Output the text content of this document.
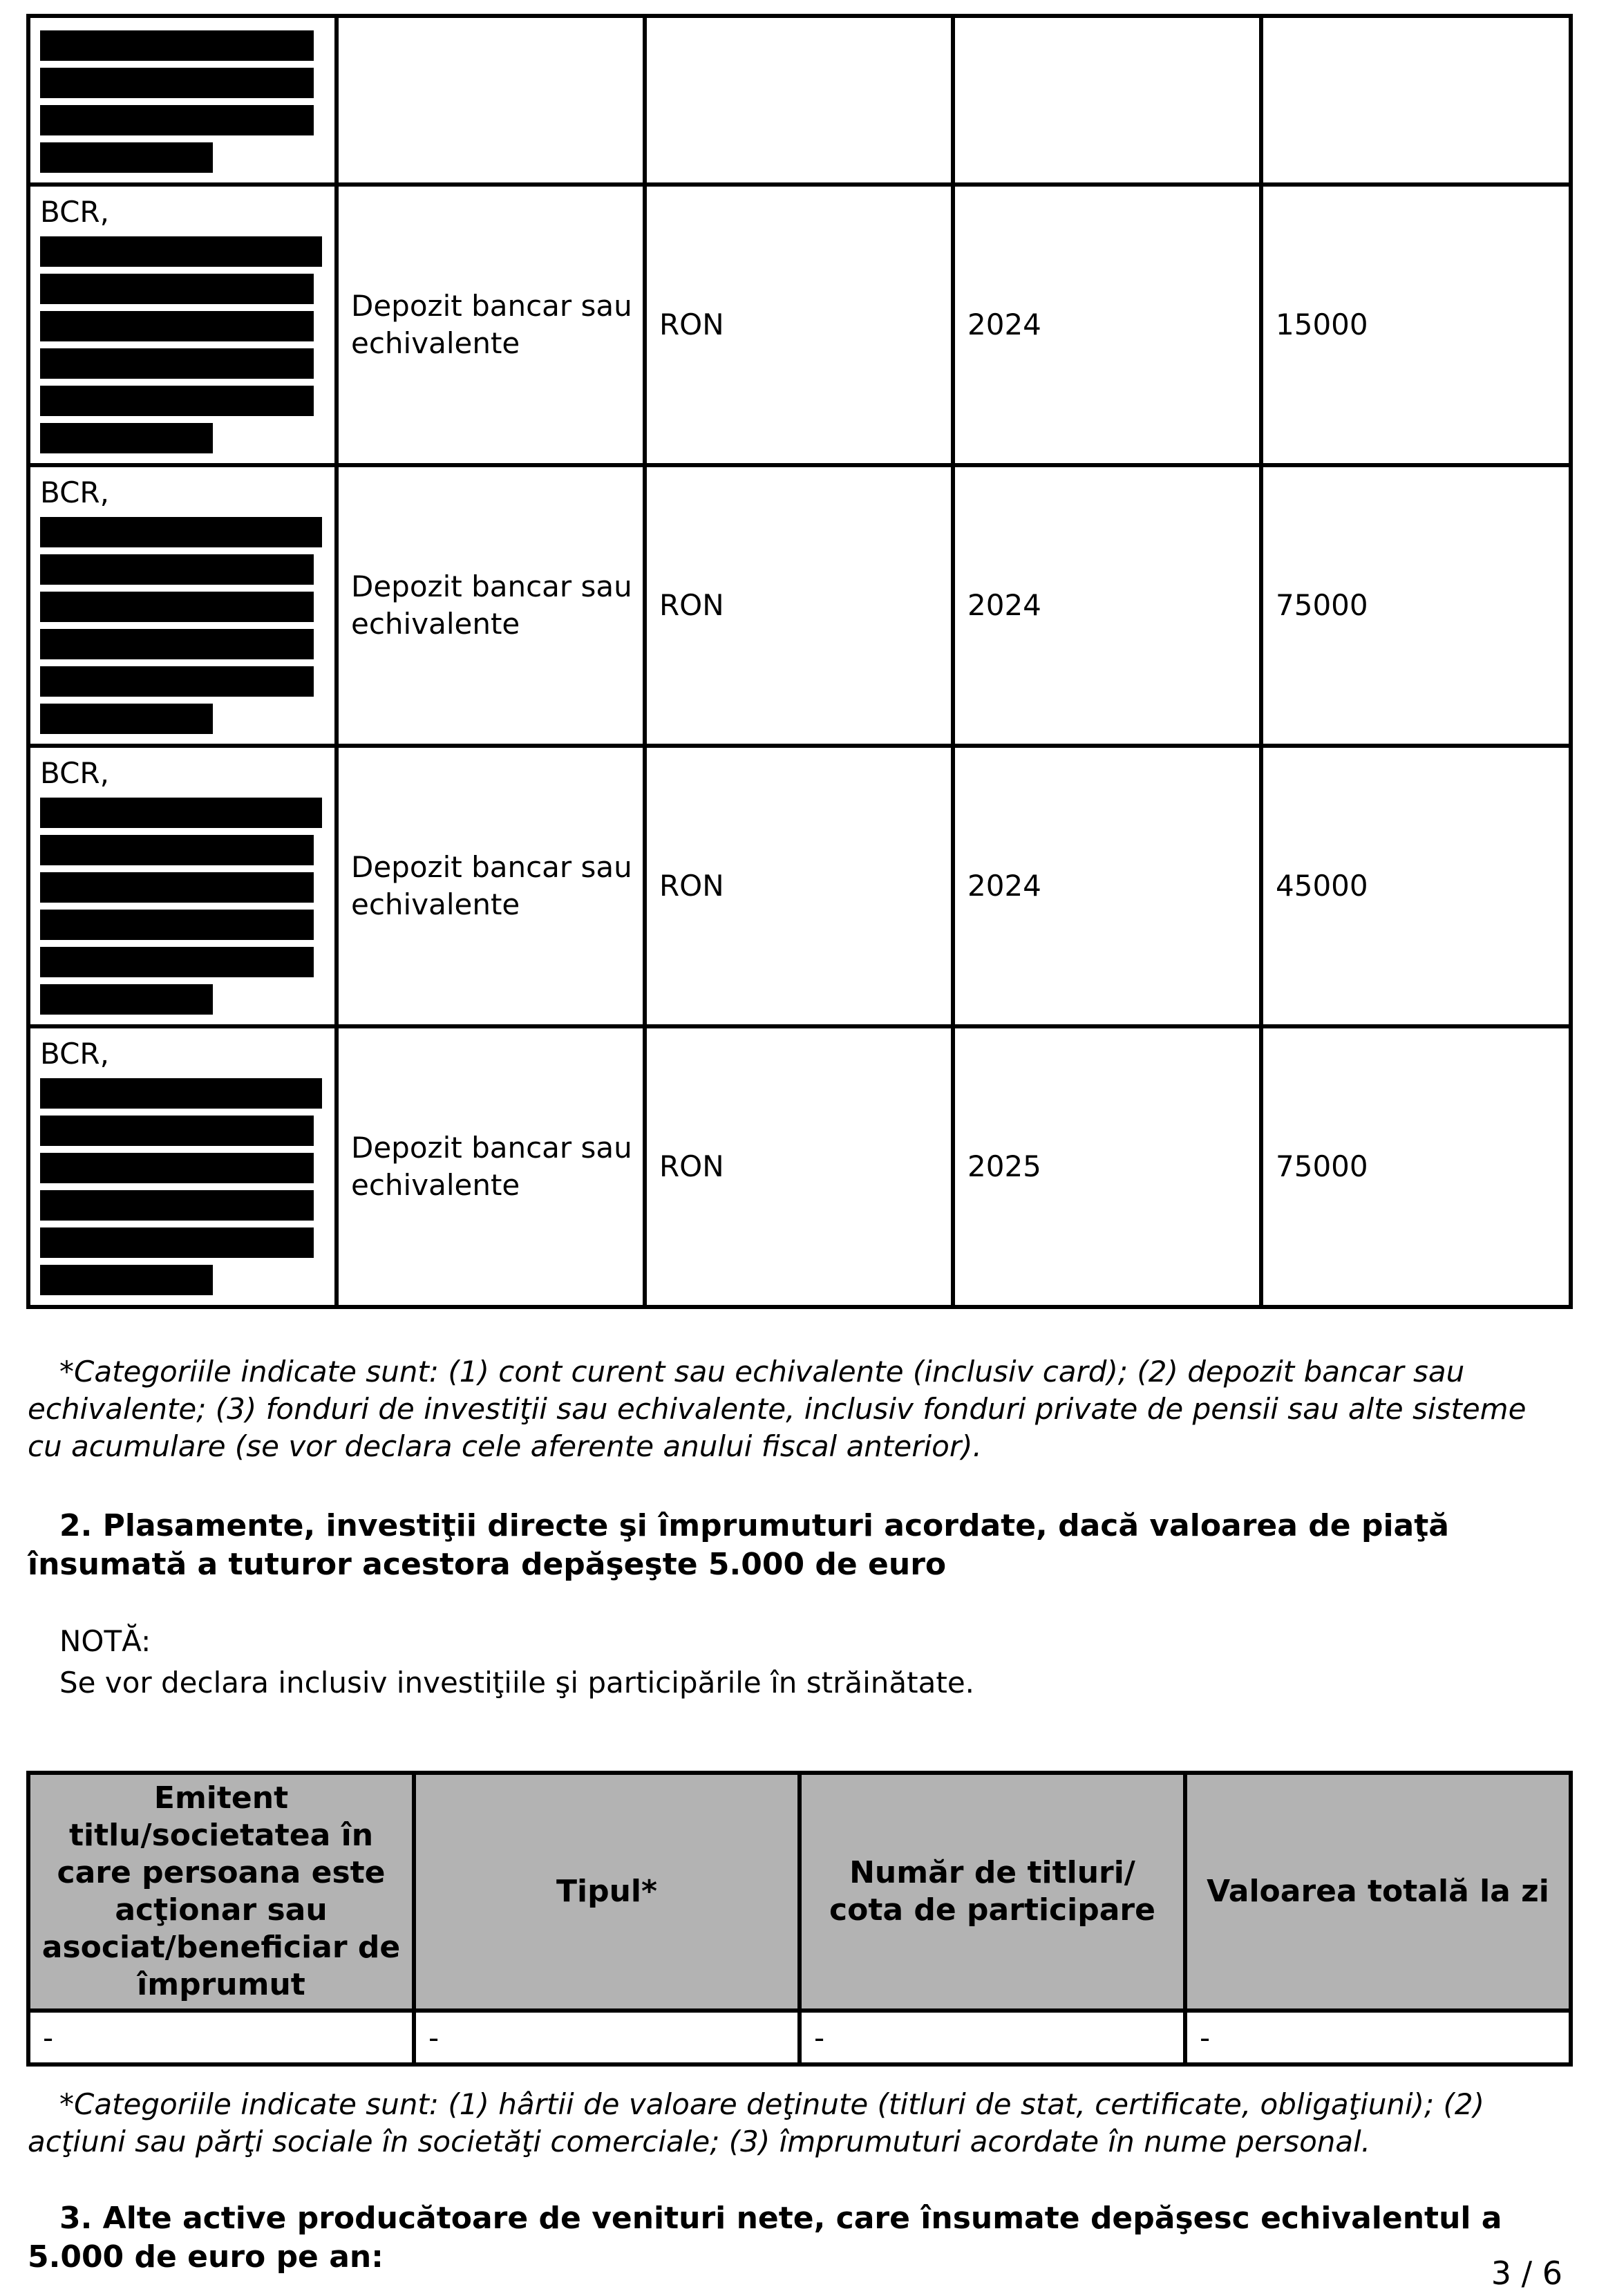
BCR,	Depozit bancar sau echivalente	RON	2024	15000

BCR,	Depozit bancar sau echivalente	RON	2024	75000

BCR,	Depozit bancar sau echivalente	RON	2024	45000

BCR,	Depozit bancar sau echivalente	RON	2025	75000
*Categoriile indicate sunt: (1) cont curent sau echivalente (inclusiv card); (2) depozit bancar sau echivalente; (3) fonduri de investiţii sau echivalente, inclusiv fonduri private de pensii sau alte sisteme cu acumulare (se vor declara cele aferente anului fiscal anterior).
2. Plasamente, investiţii directe şi împrumuturi acordate, dacă valoarea de piaţă însumată a tuturor acestora depăşeşte 5.000 de euro
NOTĂ:
Se vor declara inclusiv investiţiile şi participările în străinătate.
Emitent titlu/societatea în care persoana este acţionar sau asociat/beneficiar de împrumut	Tipul*	Număr de titluri/ cota de participare	Valoarea totală la zi
-	-	-	-
*Categoriile indicate sunt: (1) hârtii de valoare deţinute (titluri de stat, certificate, obligaţiuni); (2) acţiuni sau părţi sociale în societăţi comerciale; (3) împrumuturi acordate în nume personal.
3. Alte active producătoare de venituri nete, care însumate depăşesc echivalentul a 5.000 de euro pe an:	3 / 6
